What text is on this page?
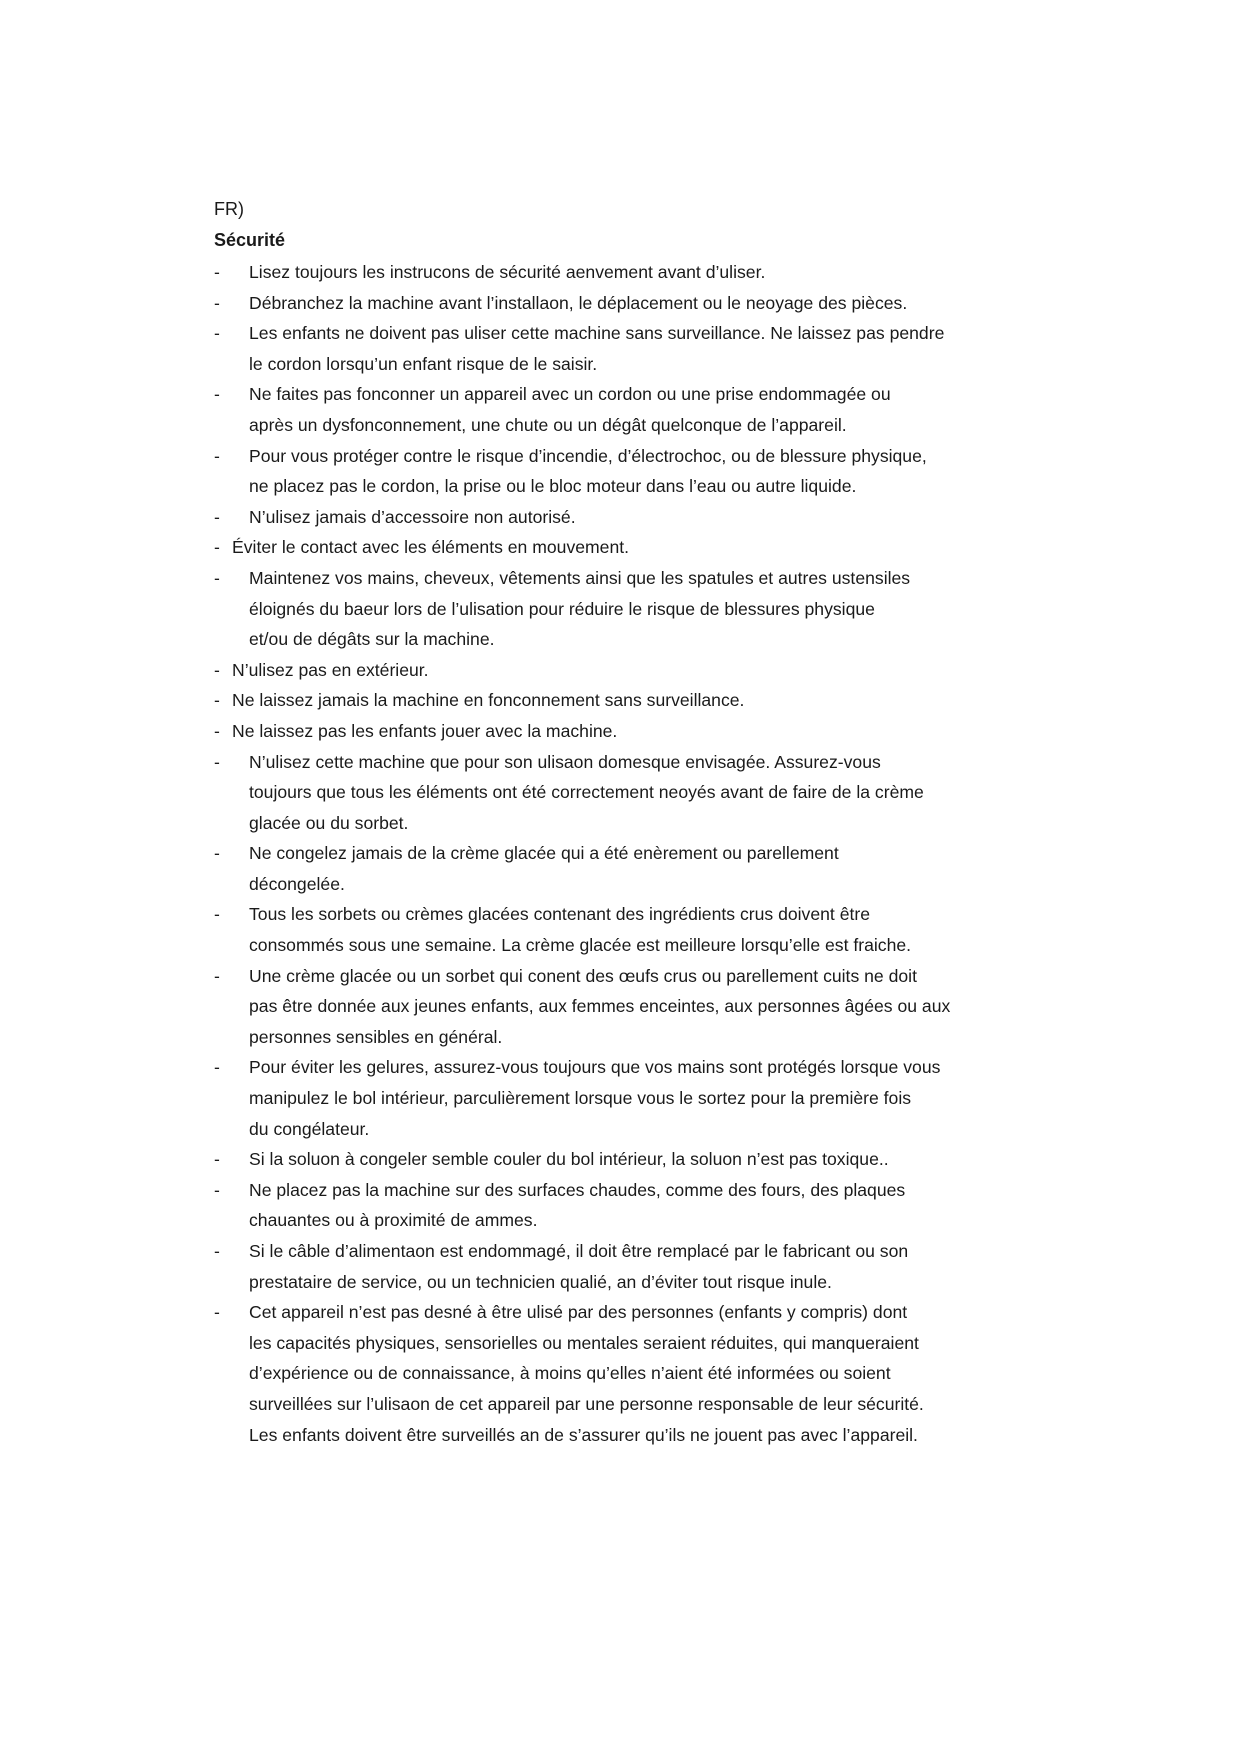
FR)
Sécurité
-	Lisez toujours les instrucons de sécurité aenvement avant d’uliser.
-	Débranchez la machine avant l’installaon, le déplacement ou le neoyage des pièces.
-	Les enfants ne doivent pas uliser cette machine sans surveillance. Ne laissez pas pendre
le cordon lorsqu’un enfant risque de le saisir.
-	Ne faites pas fonconner un appareil avec un cordon ou une prise endommagée ou
après un dysfonconnement, une chute ou un dégât quelconque de l’appareil.
-	Pour vous protéger contre le risque d’incendie, d’électrochoc, ou de blessure physique,
ne placez pas le cordon, la prise ou le bloc moteur dans l’eau ou autre liquide.
-	N’ulisez jamais d’accessoire non autorisé.
- Éviter le contact avec les éléments en mouvement.
-	Maintenez vos mains, cheveux, vêtements ainsi que les spatules et autres ustensiles
éloignés du baeur lors de l’ulisation pour réduire le risque de blessures physique
et/ou de dégâts sur la machine.
- N’ulisez pas en extérieur.
- Ne laissez jamais la machine en fonconnement sans surveillance.
- Ne laissez pas les enfants jouer avec la machine.
-	N’ulisez cette machine que pour son ulisaon domesque envisagée. Assurez-vous
toujours que tous les éléments ont été correctement neoyés avant de faire de la crème
glacée ou du sorbet.
-	Ne congelez jamais de la crème glacée qui a été enèrement ou parellement
décongelée.
-	Tous les sorbets ou crèmes glacées contenant des ingrédients crus doivent être
consommés sous une semaine. La crème glacée est meilleure lorsqu’elle est fraiche.
-	Une crème glacée ou un sorbet qui conent des œufs crus ou parellement cuits ne doit
pas être donnée aux jeunes enfants, aux femmes enceintes, aux personnes âgées ou aux
personnes sensibles en général.
-	Pour éviter les gelures, assurez-vous toujours que vos mains sont protégés lorsque vous
manipulez le bol intérieur, parculièrement lorsque vous le sortez pour la première fois
du congélateur.
-	Si la soluon à congeler semble couler du bol intérieur, la soluon n’est pas toxique..
-	Ne placez pas la machine sur des surfaces chaudes, comme des fours, des plaques
chauantes ou à proximité de ammes.
-	Si le câble d’alimentaon est endommagé, il doit être remplacé par le fabricant ou son
prestataire de service, ou un technicien qualié, an d’éviter tout risque inule.
-	Cet appareil n’est pas desné à être ulisé par des personnes (enfants y compris) dont
les capacités physiques, sensorielles ou mentales seraient réduites, qui manqueraient
d’expérience ou de connaissance, à moins qu’elles n’aient été informées ou soient
surveillées sur l’ulisaon de cet appareil par une personne responsable de leur sécurité.
Les enfants doivent être surveillés an de s’assurer qu’ils ne jouent pas avec l’appareil.
